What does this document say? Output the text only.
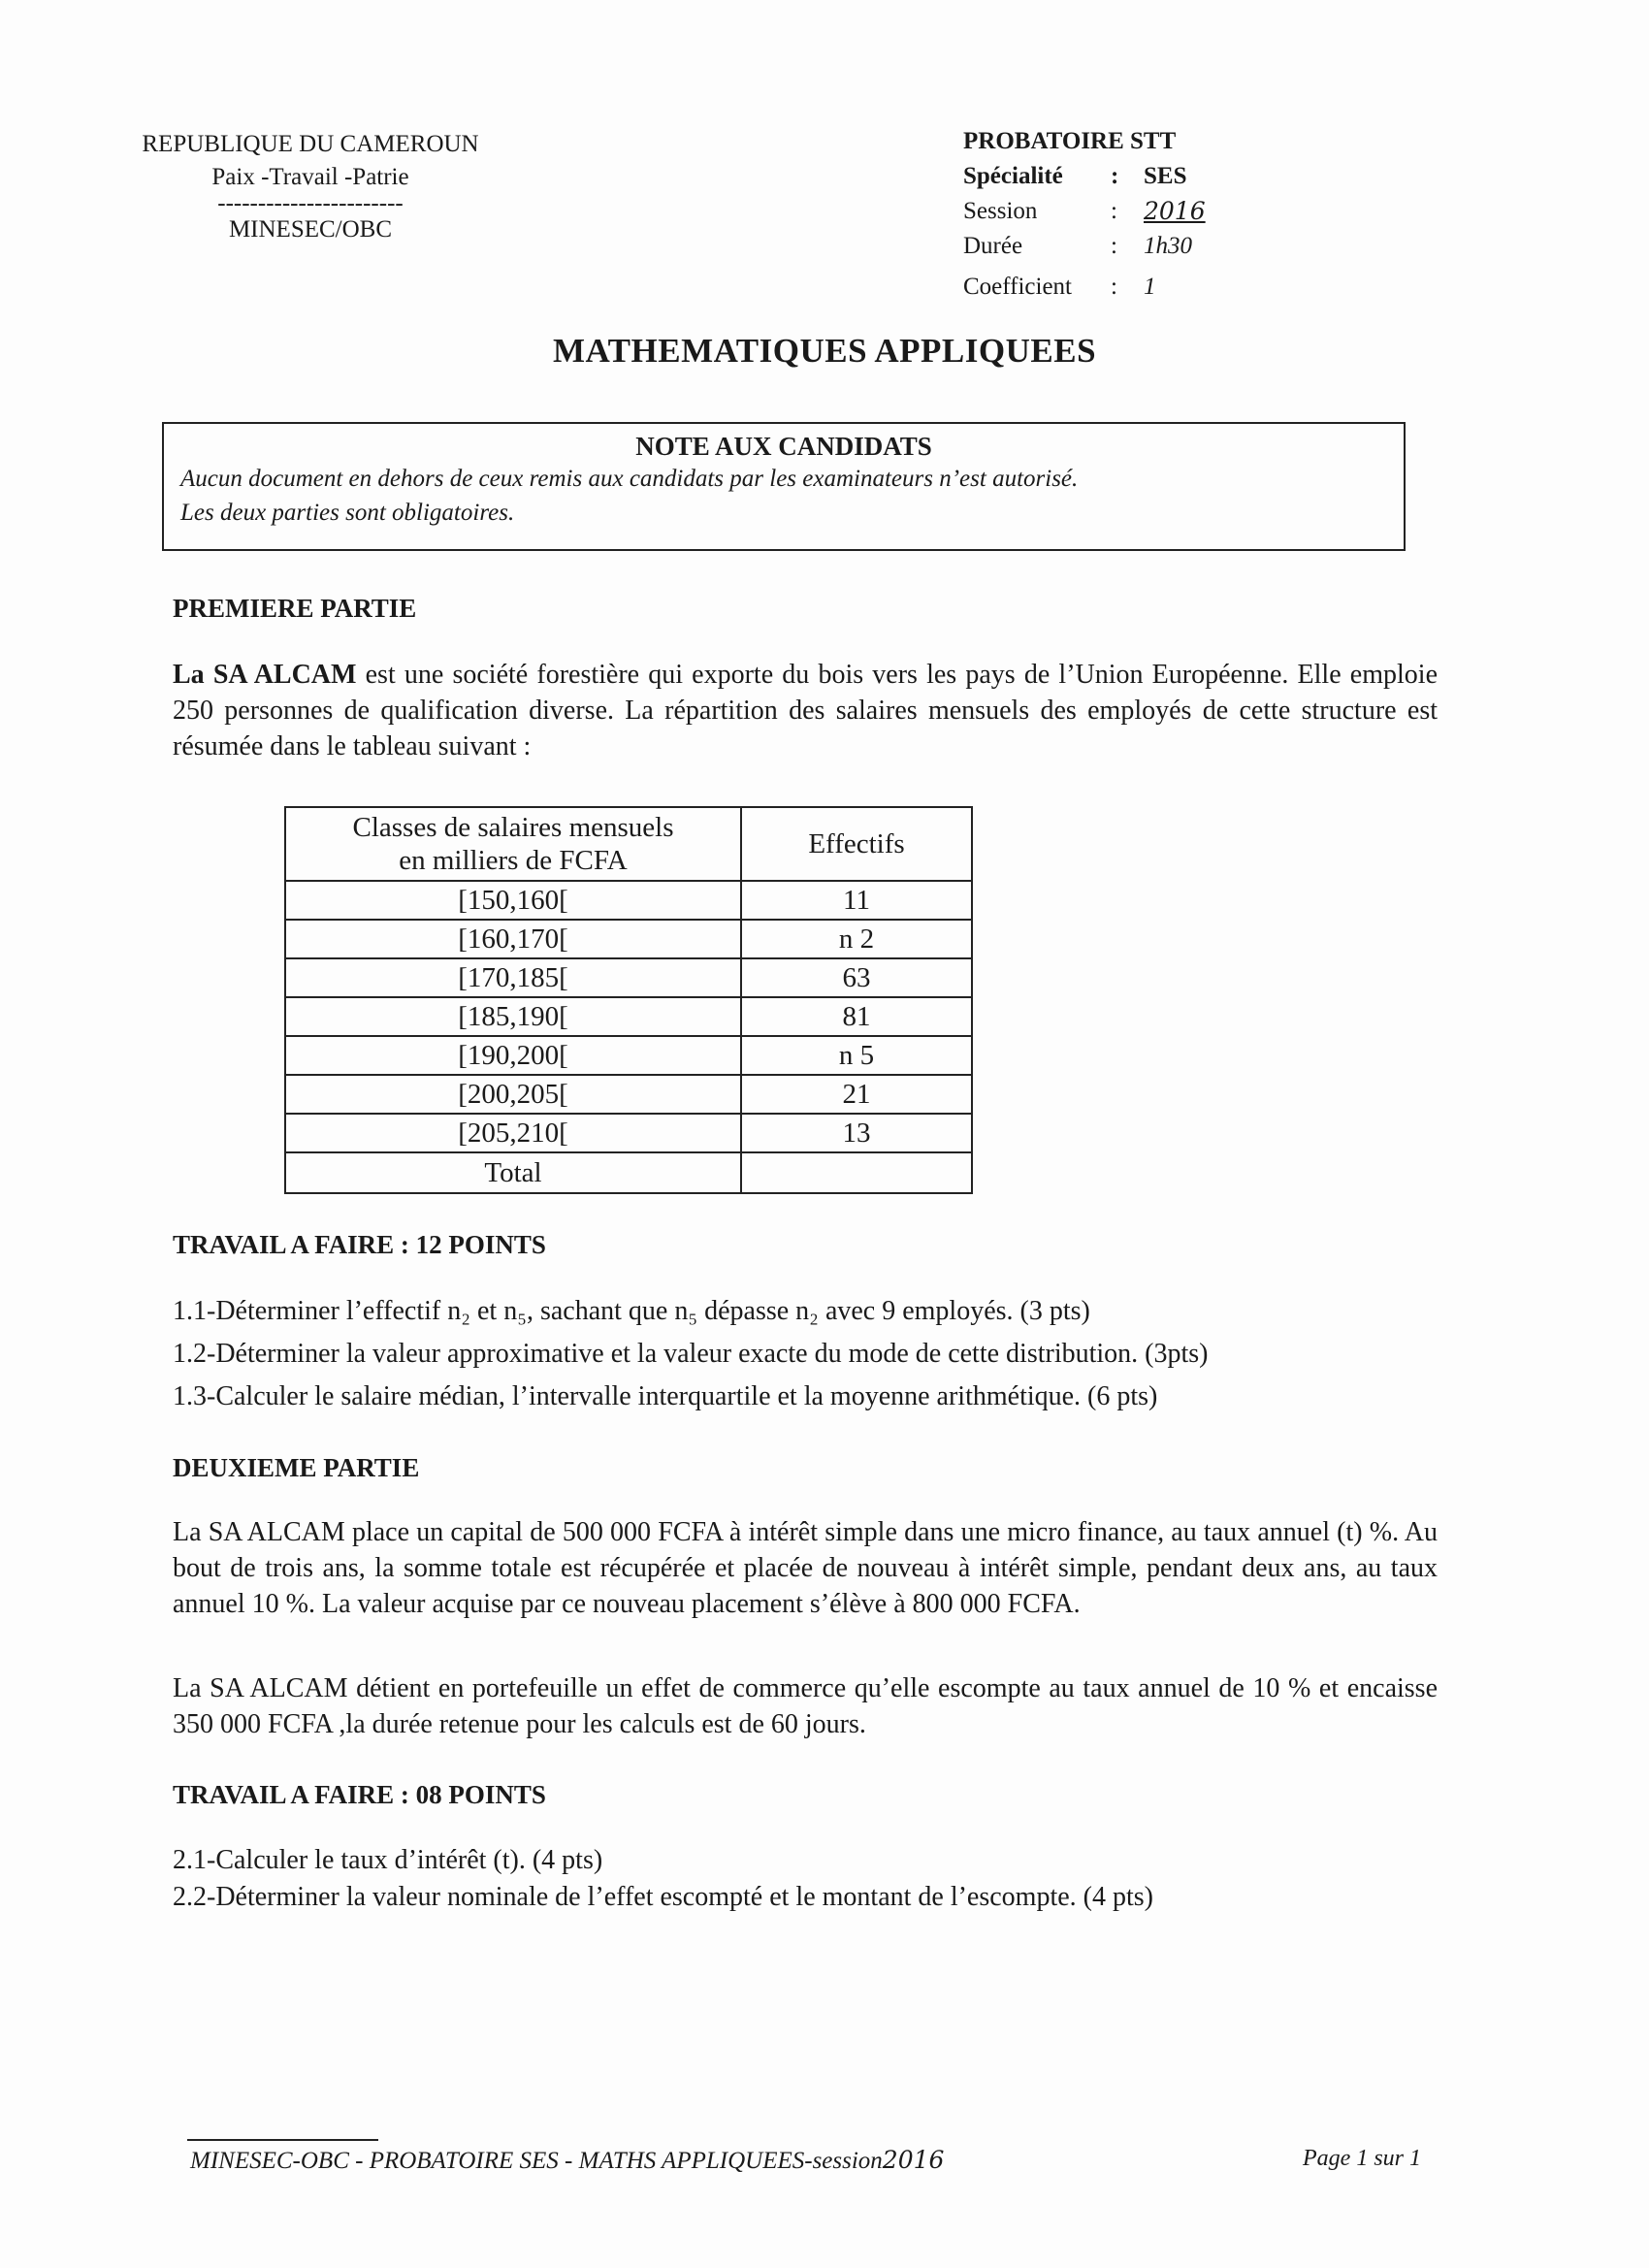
REPUBLIQUE DU CAMEROUN
Paix -Travail -Patrie
-----------------------
MINESEC/OBC
PROBATOIRE STT
Spécialité	:	SES
Session	:	2016
Durée	:	1h30
Coefficient	:	1
MATHEMATIQUES APPLIQUEES
NOTE AUX CANDIDATS
Aucun document en dehors de ceux remis aux candidats par les examinateurs n’est autorisé.
Les deux parties sont obligatoires.
PREMIERE PARTIE
La SA ALCAM est une société forestière qui exporte du bois vers les pays de l’Union Européenne. Elle emploie 250 personnes de qualification diverse. La répartition des salaires mensuels des employés de cette structure est résumée dans le tableau suivant :
Classes de salaires mensuels
en milliers de FCFA	Effectifs
[150,160[	11
[160,170[	n 2
[170,185[	63
[185,190[	81
[190,200[	n 5
[200,205[	21
[205,210[	13
Total	
TRAVAIL A FAIRE : 12 POINTS
1.1-Déterminer l’effectif n₂ et n₅, sachant que n₅ dépasse n₂ avec 9 employés. (3 pts)
1.2-Déterminer la valeur approximative et la valeur exacte du mode de cette distribution. (3pts)
1.3-Calculer le salaire médian, l’intervalle interquartile et la moyenne arithmétique. (6 pts)
DEUXIEME PARTIE
La SA ALCAM place un capital de 500 000 FCFA à intérêt simple dans une micro finance, au taux annuel (t) %. Au bout de trois ans, la somme totale est récupérée et placée de nouveau à intérêt simple, pendant deux ans, au taux annuel 10 %. La valeur acquise par ce nouveau placement s’élève à 800 000 FCFA.
La SA ALCAM détient en portefeuille un effet de commerce qu’elle escompte au taux annuel de 10 % et encaisse 350 000 FCFA ,la durée retenue pour les calculs est de 60 jours.
TRAVAIL A FAIRE : 08 POINTS
2.1-Calculer le taux d’intérêt (t). (4 pts)
2.2-Déterminer la valeur nominale de l’effet escompté et le montant de l’escompte. (4 pts)
MINESEC-OBC - PROBATOIRE SES - MATHS APPLIQUEES-session2016	Page 1 sur 1
